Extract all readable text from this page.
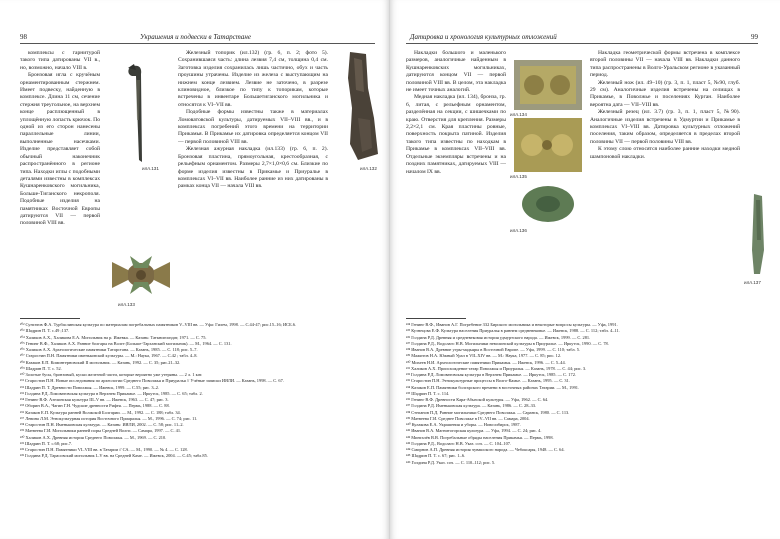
98	Украшения и подвески в Татарстане

комплексы с гарнитурой такого типа датированы VII в., но, возможно, начало VIII в.

Бронзовая игла с кручёным орнаментированным стержнем. Имеет подвеску, найденную в комплексе. Длина 11 см, сечение стержня треугольное, на верхнем конце расплющенный в уплощённую лопасть крючок. По одной из его сторон нанесены параллельные линии, выполненные насечками. Изделие представляет собой обычный наконечник распространённого в регионе типа. Находки иглы с подобными деталями известны в комплексах Кушнаренковского могильника, Больше-Тиганского некрополя. Подобные изделия на памятниках Восточной Европы датируются VII — первой половиной VIII вв.

илл.131

Железный топорик (ил.132) (гр. 6, п. 2; фото 5). Сохранившаяся часть: длина лезвия 7,4 см, толщина 0,4 см. Заготовка изделия сохранилась лишь частично, обух и часть проушины утрачены. Изделие из железа с выступающим на нижнем конце лезвием. Лезвие не заточено, в разрезе клиновидное, близкое по типу к топорикам, которые встречены в инвентаре Большетиганского могильника и относятся к VI–VII вв.

Подобные формы известны также в материалах Ломоватовской культуры, датируемых VII–VIII вв., и в комплексах погребений этого времени на территории Прикамья. В Прикамье их датировка определяется концом VII — первой половиной VIII вв.

Железная ажурная накладка (ил.133) (гр. 6, п. 2). Бронзовая пластина, прямоугольная, крестообразная, с рельефным орнаментом. Размеры 2,7×1,0×0,6 см. Близкие по форме изделия известны в Прикамье и Приуралье в комплексах VI–VII вв. Наиболее ранние из них датированы в рамках конца VII — начала VIII вв.

илл.132
илл.133
²⁰² Сунгатов Ф.А. Турбаслинская культура по материалам погребальных памятников V–VIII вв. — Уфа: Гилем, 1998. — С.44-47; рис.15–16; ИСБ.6.
²⁰³ Шадрин П. Т. с.49 ;137.
²⁰⁴ Халиков А.Х., Халикова Е.А. Могильник на р. Ижевка. — Казань: Таткнигоиздат, 1971. — С. 75.
²⁰⁵ Генинг В.Ф., Халиков А.Х. Ранние болгары на Волге (Больше-Тарханский могильник). — М., 1964. — С. 131.
²⁰⁶ Халиков А.Х. Археологические памятники Татарстана. — Казань, 1985. — С. 118; рис. 5–7.
²⁰⁷ Старостин П.Н. Памятники именьковской культуры. — М.: Наука, 1967. — С.42 ; табл. 4–8.
²⁰⁸ Казаков Е.П. Коминтерновский II могильник. — Казань, 1992. — С. 35; рис.21–32.
²⁰⁹ Шадрин П. Т. с. 52.
²¹⁰ Золотые бусы, бронзовый, куски железной части, которые вероятно уже утеряны. — 2 л. 1 кат.
²¹¹ Старостин П.Н. Новые исследования по археологии Среднего Поволжья и Приуралья // Учёные записки ИЯЛИ. — Казань, 1998. — С. 67.
²¹² Шадрин П. Т. Древности Поволжья. — Ижевск, 1999. — С.55; рис. 3–2.
²¹³ Голдина Р.Д. Ломоватовская культура в Верхнем Прикамье. — Иркутск, 1985. — С. 65; табл. 2.
²¹⁴ Генинг В.Ф. Азелинская культура III–V вв. — Ижевск, 1963. — С. 47; рис. 3.
²¹⁵ Оборин В.А., Чагин Г.Н. Чудские древности Рифея. — Пермь, 1988. — С. 88.
²¹⁶ Казаков Е.П. Культура ранней Волжской Болгарии. — М., 1992. — С. 188; табл. 34.
²¹⁷ Левина Л.М. Этнокультурная история Восточного Приаралья. — М., 1996. — С. 74; рис. 11.
²¹⁸ Старостин П.Н. Именьковская культура. — Казань: ИЯЛИ, 2002. — С. 58; рис. 11–2.
²¹⁹ Матвеева Г.И. Могильники ранней поры Средней Волги. — Самара, 1997. — С. 41.
²²⁰ Халиков А.Х. Древняя история Среднего Поволжья. — М., 1969. — С. 210.
²²¹ Шадрин П. Т. с.68; рис.7.
²²² Старостин П.Н. Памятники VI–VIII вв. в Татарии // СА. — М., 1990. — № 4. — С. 128.
²²³ Голдина Р.Д. Тарасовский могильник I–V вв. на Средней Каме. — Ижевск, 2004. — С.45; табл.85.
Датировка и хронология культурных отложений	99

Накладки большого и маленького размеров, аналогичные найденным в Кушнаренковских могильниках, датируются концом VII — первой половиной VIII вв. В целом, эта накладка не имеет точных аналогий.

Медная накладка (ил. 134), бронза, гр. 6, литая, с рельефным орнаментом, разделённая на секции, с шишечками по краю. Отверстия для крепления. Размеры 2,2×2,1 см. Края пластины ровные, поверхность покрыта патиной. Изделия такого типа известны по находкам в Прикамье в комплексах VII–VIII вв. Отдельные экземпляры встречены и на поздних памятниках, датируемых VIII — началом IX вв.

илл.134
илл.135
илл.136

Накладка геометрической формы встречена в комплексе второй половины VII — начала VIII вв. Накладки данного типа распространены в Волго-Уральском регионе в указанный период.

Железный нож (ил. 49–10) (гр. 3, п. 1, пласт 5, №90, глуб. 29 см). Аналогичные изделия встречены на селищах в Прикамье, в Поволжье и поселениях Курган. Наиболее вероятна дата — VII–VIII вв.

Железный резец (ил. 3.7) (гр. 3, п. 1, пласт 5, №90). Аналогичные изделия встречены в Удмуртии и Прикамье в комплексах VI–VIII вв. Датировка культурных отложений поселения, таким образом, определяется в пределах второй половины VII — первой половины VIII вв.

К этому слою относятся наиболее ранние находки медной шампоновой накладки.

илл.137
²²⁴ Генинг В.Ф., Иванов А.Г. Погребение 332 Бирского могильника и некоторые вопросы культуры. — Уфа, 1991.
²²⁵ Кузнецова Е.Ф. Культура населения Приуралья в раннем средневековье. — Ижевск, 1988. — С. 112; табл. 4–11.
²²⁶ Голдина Р.Д. Древняя и средневековая история удмуртского народа. — Ижевск, 1999. — С. 281.
²²⁷ Голдина Р.Д., Водолаго Н.В. Могильники неволинской культуры в Приуралье. — Иркутск, 1990. — С. 78.
²²⁸ Иванов В.А. Древние угры-мадьяры в Восточной Европе. — Уфа, 1999. — С. 110; табл. 5.
²²⁹ Мажитов Н.А. Южный Урал в VII–XIV вв. — М.: Наука, 1977. — С. 85; рис. 12.
²³⁰ Михеев Н.И. Археологические памятники Прикамья. — Ижевск, 1996. — С. 5–44.
²³¹ Халиков А.Х. Происхождение татар Поволжья и Приуралья. — Казань, 1978. — С. 44; рис. 3.
²³² Голдина Р.Д. Ломоватовская культура в Верхнем Прикамье. — Иркутск, 1985. — С. 172.
²³³ Старостин П.Н. Этнокультурные процессы в Волго-Камье. — Казань, 1995. — С. 31.
²³⁴ Казаков Е.П. Памятники болгарского времени в восточных районах Татарии. — М., 1991.
²³⁵ Шадрин П. Т. с. 114.
²³⁶ Генинг В.Ф. Древности Кара-Абызской культуры. — Уфа, 1962. — С. 64.
²³⁷ Голдина Р.Д. Именьковская культура. — Казань, 1986. — С. 28–33.
²³⁸ Степанов П.Д. Ранние могильники Среднего Поволжья. — Саранск, 1980. — С. 113.
²³⁹ Матвеева Г.И. Среднее Поволжье в IV–VII вв. — Самара, 2004.
²⁴⁰ Кулакова Е.А. Украшения и уборы. — Новосибирск, 1987.
²⁴¹ Иванов В.А. Магнитогорская культура. — Уфа, 1994. — С. 24; рис. 4.
²⁴² Мингалёв В.В. Погребальные обряды населения Прикамья. — Пермь, 1998.
²⁴³ Голдина Р.Д., Водолаго Н.В. Указ. соч. — С. 104–107.
²⁴⁴ Смирнов А.П. Древняя история чувашского народа. — Чебоксары, 1948. — С. 64.
²⁴⁵ Шадрин П. Т. с. 67; рис. 1–6.
²⁴⁶ Голдина Р.Д. Указ. соч. — С. 110–112; рис. 5.
